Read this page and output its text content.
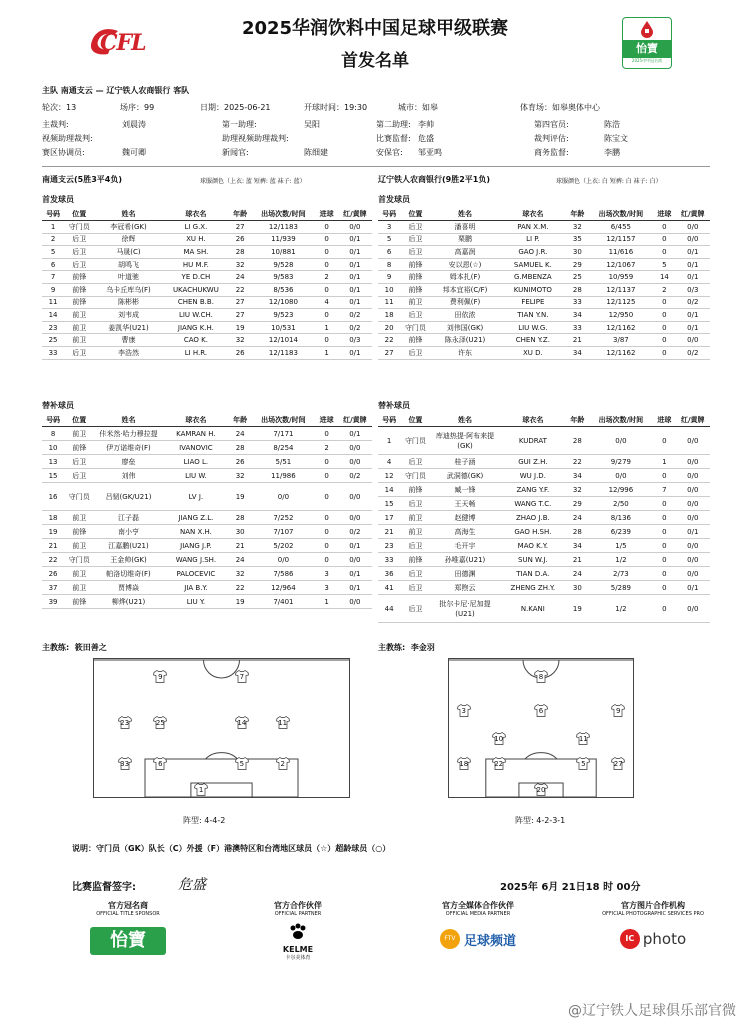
CFL
2025华润饮料中国足球甲级联赛
首发名单
怡寶
2025中甲冠名商
主队 南通支云 — 辽宁铁人农商银行 客队
轮次：13	场序：99	日期：2025-06-21	开球时间：19:30	城市：如皋	体育场：如皋奥体中心
主裁判:	刘晨涛	第一助理:	吴阳	第二助理: 李帅	第四官员:	陈浩
视频助理裁判:	助理视频助理裁判:	比赛监督: 危盛	裁判评估:	陈宝文
赛区协调员:	魏可卿	新闻官:	陈细建	安保官: 邹亚鸣	商务监督:	李鹏
南通支云(5胜3平4负)	球服颜色（上衣: 蓝 短裤: 蓝 袜子: 蓝）	辽宁铁人农商银行(9胜2平1负)	球服颜色（上衣: 白 短裤: 白 袜子: 白）
首发球员	首发球员
号码	位置	姓名	球衣名	年龄	出场次数/时间	进球	红/黄牌
1	守门员	李冠希(GK)	LI G.X.	27	12/1183	0	0/0
2	后卫	徐辉	XU H.	26	11/939	0	0/1
5	后卫	马晟(C)	MA SH.	28	10/881	0	0/1
6	后卫	胡鸣飞	HU M.F.	32	9/528	0	0/1
7	前锋	叶道驰	YE D.CH	24	9/583	2	0/1
9	前锋	乌卡丘库乌(F)	UKACHUKWU	22	8/536	0	0/1
11	前锋	陈彬彬	CHEN B.B.	27	12/1080	4	0/1
14	前卫	刘韦成	LIU W.CH.	27	9/523	0	0/2
23	前卫	姜凯华(U21)	JIANG K.H.	19	10/531	1	0/2
25	前卫	曹康	CAO K.	32	12/1014	0	0/3
33	后卫	李浩然	LI H.R.	26	12/1183	1	0/1
号码	位置	姓名	球衣名	年龄	出场次数/时间	进球	红/黄牌
3	后卫	潘喜明	PAN X.M.	32	6/455	0	0/0
5	后卫	栗鹏	LI P.	35	12/1157	0	0/0
6	后卫	高嘉润	GAO J.R.	30	11/616	0	0/1
8	前锋	安以恩(☆)	SAMUEL K.	29	12/1067	5	0/1
9	前锋	姆本扎(F)	G.MBENZA	25	10/959	14	0/1
10	前锋	邦本宜裕(C/F)	KUNIMOTO	28	12/1137	2	0/3
11	前卫	费利佩(F)	FELIPE	33	12/1125	0	0/2
18	后卫	田依浓	TIAN Y.N.	34	12/950	0	0/1
20	守门员	刘伟国(GK)	LIU W.G.	33	12/1162	0	0/1
22	前锋	陈永泽(U21)	CHEN Y.Z.	21	3/87	0	0/0
27	后卫	许东	XU D.	34	12/1162	0	0/2
替补球员	替补球员
号码	位置	姓名	球衣名	年龄	出场次数/时间	进球	红/黄牌
8	前卫	佧米然·哈力穆拉提	KAMRAN H.	24	7/171	0	0/1
10	前锋	伊万诺维奇(F)	IVANOVIC	28	8/254	2	0/0
13	后卫	廖垒	LIAO L.	26	5/51	0	0/0
15	后卫	刘伟	LIU W.	32	11/986	0	0/2
16	守门员	吕韧(GK/U21)	LV J.	19	0/0	0	0/0
18	前卫	江子磊	JIANG Z.L.	28	7/252	0	0/0
19	前锋	南小亨	NAN X.H.	30	7/107	0	0/2
21	前卫	江嘉鹏(U21)	JIANG J.P.	21	5/202	0	0/1
22	守门员	王金帅(GK)	WANG J.SH.	24	0/0	0	0/0
26	前卫	帕洛切维奇(F)	PALOCEVIC	32	7/586	3	0/1
37	前卫	贾博焱	JIA B.Y.	22	12/964	3	0/1
39	前锋	柳烨(U21)	LIU Y.	19	7/401	1	0/0
号码	位置	姓名	球衣名	年龄	出场次数/时间	进球	红/黄牌
1	守门员	库迪热提·阿布来提(GK)	KUDRAT	28	0/0	0	0/0
4	后卫	桂子涵	GUI Z.H.	22	9/279	1	0/0
12	守门员	武洞德(GK)	WU J.D.	34	0/0	0	0/0
14	前锋	臧一锋	ZANG Y.F.	32	12/996	7	0/0
15	后卫	王天畅	WANG T.C.	29	2/50	0	0/0
17	前卫	赵健博	ZHAO J.B.	24	8/136	0	0/0
21	前卫	高海生	GAO H.SH.	28	6/239	0	0/1
23	后卫	毛开宇	MAO K.Y.	34	1/5	0	0/0
33	前锋	孙唯嘉(U21)	SUN W.J.	21	1/2	0	0/0
36	后卫	田德渊	TIAN D.A.	24	2/73	0	0/0
41	后卫	郑煦云	ZHENG ZH.Y.	30	5/289	0	0/1
44	后卫	批尔卡尼·尼加提(U21)	N.KANI	19	1/2	0	0/0
主教练: 筱田善之	主教练: 李金羽
9	7
23	25	14	11
33	6	5	2
1
8
3	6	9
10	11
18	22	5	27
20
阵型: 4-4-2	阵型: 4-2-3-1
说明：守门员（GK）队长（C）外援（F）港澳特区和台湾地区球员（☆）超龄球员（○）
比赛监督签字:	危盛	2025年 6月 21日18 时 00分
官方冠名商
OFFICIAL TITLE SPONSOR
怡寶
官方合作伙伴
OFFICIAL PARTNER
KELME
卡尔美体育
官方全媒体合作伙伴
OFFICIAL MEDIA PARTNER
FTV 足球频道
官方图片合作机构
OFFICIAL PHOTOGRAPHIC SERVICES PRO
IC photo
@辽宁铁人足球俱乐部官微
